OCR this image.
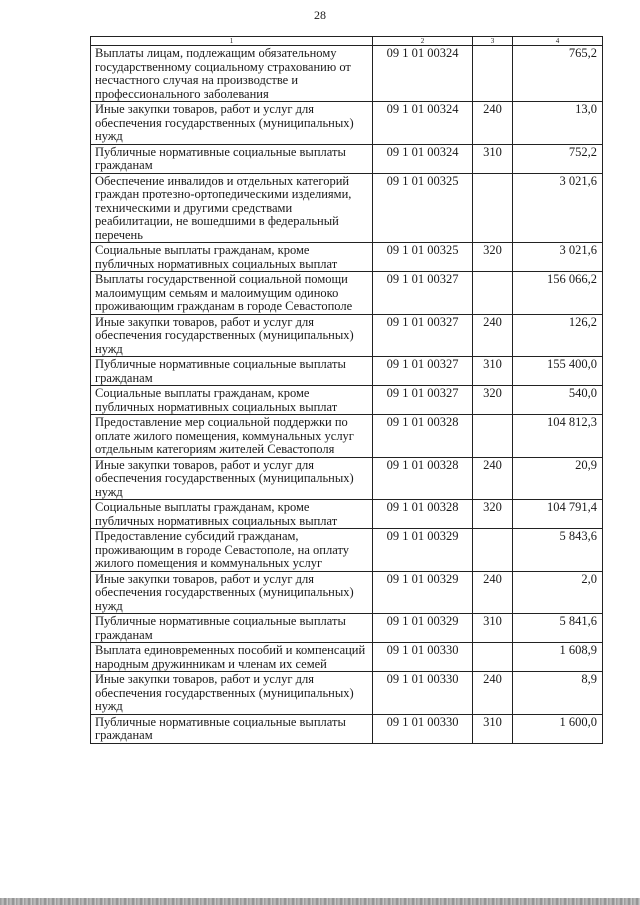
28
1	2	3	4
Выплаты лицам, подлежащим обязательному государственному социальному страхованию от несчастного случая на производстве и профессионального заболевания	09 1 01 00324		765,2
Иные закупки товаров, работ и услуг для обеспечения государственных (муниципальных) нужд	09 1 01 00324	240	13,0
Публичные нормативные социальные выплаты гражданам	09 1 01 00324	310	752,2
Обеспечение инвалидов и отдельных категорий граждан протезно-ортопедическими изделиями, техническими и другими средствами реабилитации, не вошедшими в федеральный перечень	09 1 01 00325		3 021,6
Социальные выплаты гражданам, кроме публичных нормативных социальных выплат	09 1 01 00325	320	3 021,6
Выплаты государственной социальной помощи малоимущим семьям и малоимущим одиноко проживающим гражданам в городе Севастополе	09 1 01 00327		156 066,2
Иные закупки товаров, работ и услуг для обеспечения государственных (муниципальных) нужд	09 1 01 00327	240	126,2
Публичные нормативные социальные выплаты гражданам	09 1 01 00327	310	155 400,0
Социальные выплаты гражданам, кроме публичных нормативных социальных выплат	09 1 01 00327	320	540,0
Предоставление мер социальной поддержки по оплате жилого помещения, коммунальных услуг отдельным категориям жителей Севастополя	09 1 01 00328		104 812,3
Иные закупки товаров, работ и услуг для обеспечения государственных (муниципальных) нужд	09 1 01 00328	240	20,9
Социальные выплаты гражданам, кроме публичных нормативных социальных выплат	09 1 01 00328	320	104 791,4
Предоставление субсидий гражданам, проживающим в городе Севастополе, на оплату жилого помещения и коммунальных услуг	09 1 01 00329		5 843,6
Иные закупки товаров, работ и услуг для обеспечения государственных (муниципальных) нужд	09 1 01 00329	240	2,0
Публичные нормативные социальные выплаты гражданам	09 1 01 00329	310	5 841,6
Выплата единовременных пособий и компенсаций народным дружинникам и членам их семей	09 1 01 00330		1 608,9
Иные закупки товаров, работ и услуг для обеспечения государственных (муниципальных) нужд	09 1 01 00330	240	8,9
Публичные нормативные социальные выплаты гражданам	09 1 01 00330	310	1 600,0
